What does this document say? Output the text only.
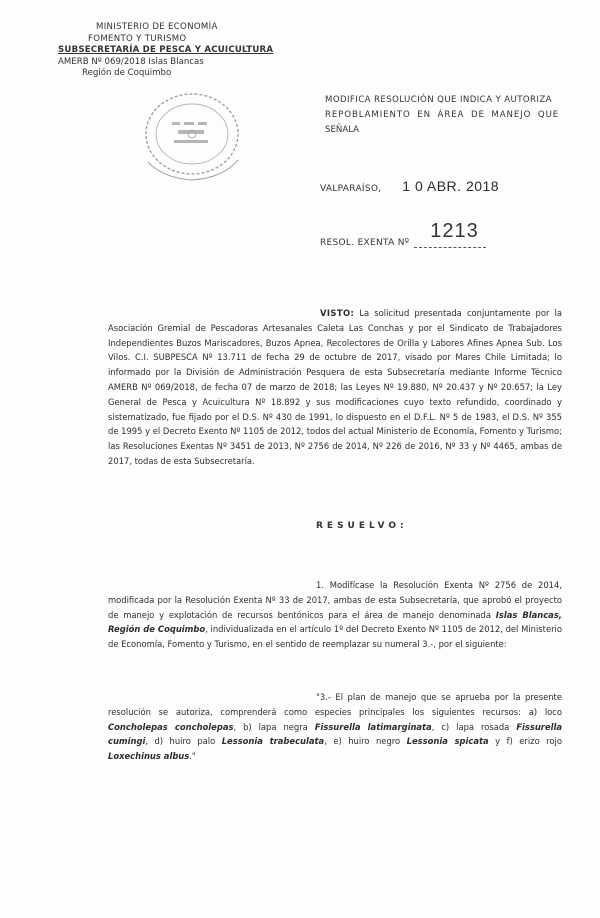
MINISTERIO DE ECONOMÍA
FOMENTO Y TURISMO
SUBSECRETARÍA DE PESCA Y ACUICULTURA
AMERB Nº 069/2018 Islas Blancas
Región de Coquimbo
MODIFICA RESOLUCIÓN QUE INDICA Y AUTORIZA
REPOBLAMIENTO EN ÁREA DE MANEJO QUE
SEÑALA
VALPARAÍSO, 1 0 ABR. 2018
RESOL. EXENTA Nº
1213
VISTO: La solicitud presentada conjuntamente por la Asociación Gremial de Pescadoras Artesanales Caleta Las Conchas y por el Sindicato de Trabajadores Independientes Buzos Mariscadores, Buzos Apnea, Recolectores de Orilla y Labores Afines Apnea Sub. Los Vilos. C.I. SUBPESCA Nº 13.711 de fecha 29 de octubre de 2017, visado por Mares Chile Limitada; lo informado por la División de Administración Pesquera de esta Subsecretaría mediante Informe Técnico AMERB Nº 069/2018, de fecha 07 de marzo de 2018; las Leyes Nº 19.880, Nº 20.437 y Nº 20.657; la Ley General de Pesca y Acuicultura Nº 18.892 y sus modificaciones cuyo texto refundido, coordinado y sistematizado, fue fijado por el D.S. Nº 430 de 1991, lo dispuesto en el D.F.L. Nº 5 de 1983, el D.S. Nº 355 de 1995 y el Decreto Exento Nº 1105 de 2012, todos del actual Ministerio de Economía, Fomento y Turismo; las Resoluciones Exentas Nº 3451 de 2013, Nº 2756 de 2014, Nº 226 de 2016, Nº 33 y Nº 4465, ambas de 2017, todas de esta Subsecretaría.
RESUELVO:
1. Modifícase la Resolución Exenta Nº 2756 de 2014, modificada por la Resolución Exenta Nº 33 de 2017, ambas de esta Subsecretaría, que aprobó el proyecto de manejo y explotación de recursos bentónicos para el área de manejo denominada Islas Blancas, Región de Coquimbo, individualizada en el artículo 1º del Decreto Exento Nº 1105 de 2012, del Ministerio de Economía, Fomento y Turismo, en el sentido de reemplazar su numeral 3.-, por el siguiente:
"3.- El plan de manejo que se aprueba por la presente resolución se autoriza, comprenderá como especies principales los siguientes recursos: a) loco Concholepas concholepas, b) lapa negra Fissurella latimarginata, c) lapa rosada Fissurella cumingi, d) huiro palo Lessonia trabeculata, e) huiro negro Lessonia spicata y f) erizo rojo Loxechinus albus."
